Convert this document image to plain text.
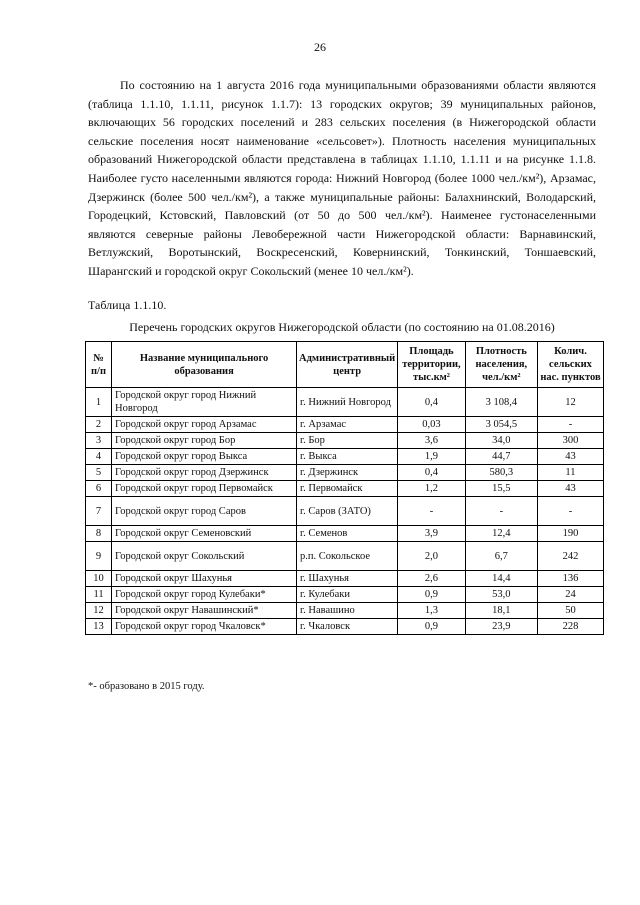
26

По состоянию на 1 августа 2016 года муниципальными образованиями области являются (таблица 1.1.10, 1.1.11, рисунок 1.1.7): 13 городских округов; 39 муниципальных районов, включающих 56 городских поселений и 283 сельских поселения (в Нижегородской области сельские поселения носят наименование «сельсовет»). Плотность населения муниципальных образований Нижегородской области представлена в таблицах 1.1.10, 1.1.11 и на рисунке 1.1.8. Наиболее густо населенными являются города: Нижний Новгород (более 1000 чел./км²), Арзамас, Дзержинск (более 500 чел./км²), а также муниципальные районы: Балахнинский, Володарский, Городецкий, Кстовский, Павловский (от 50 до 500 чел./км²). Наименее густонаселенными являются северные районы Левобережной части Нижегородской области: Варнавинский, Ветлужский, Воротынский, Воскресенский, Ковернинский, Тонкинский, Тоншаевский, Шарангский и городской округ Сокольский (менее 10 чел./км²).

Таблица 1.1.10.
Перечень городских округов Нижегородской области (по состоянию на 01.08.2016)
№ п/п	Название муниципального образования	Административный центр	Площадь территории, тыс.км²	Плотность населения, чел./км²	Колич. сельских нас. пунктов
1	Городской округ город Нижний Новгород	г. Нижний Новгород	0,4	3 108,4	12
2	Городской округ город Арзамас	г. Арзамас	0,03	3 054,5	-
3	Городской округ город Бор	г. Бор	3,6	34,0	300
4	Городской округ город Выкса	г. Выкса	1,9	44,7	43
5	Городской округ город Дзержинск	г. Дзержинск	0,4	580,3	11
6	Городской округ город Первомайск	г. Первомайск	1,2	15,5	43
7	Городской округ город Саров	г. Саров (ЗАТО)	-	-	-
8	Городской округ Семеновский	г. Семенов	3,9	12,4	190
9	Городской округ Сокольский	р.п. Сокольское	2,0	6,7	242
10	Городской округ Шахунья	г. Шахунья	2,6	14,4	136
11	Городской округ город Кулебаки*	г. Кулебаки	0,9	53,0	24
12	Городской округ Навашинский*	г. Навашино	1,3	18,1	50
13	Городской округ город Чкаловск*	г. Чкаловск	0,9	23,9	228
*- образовано в 2015 году.
